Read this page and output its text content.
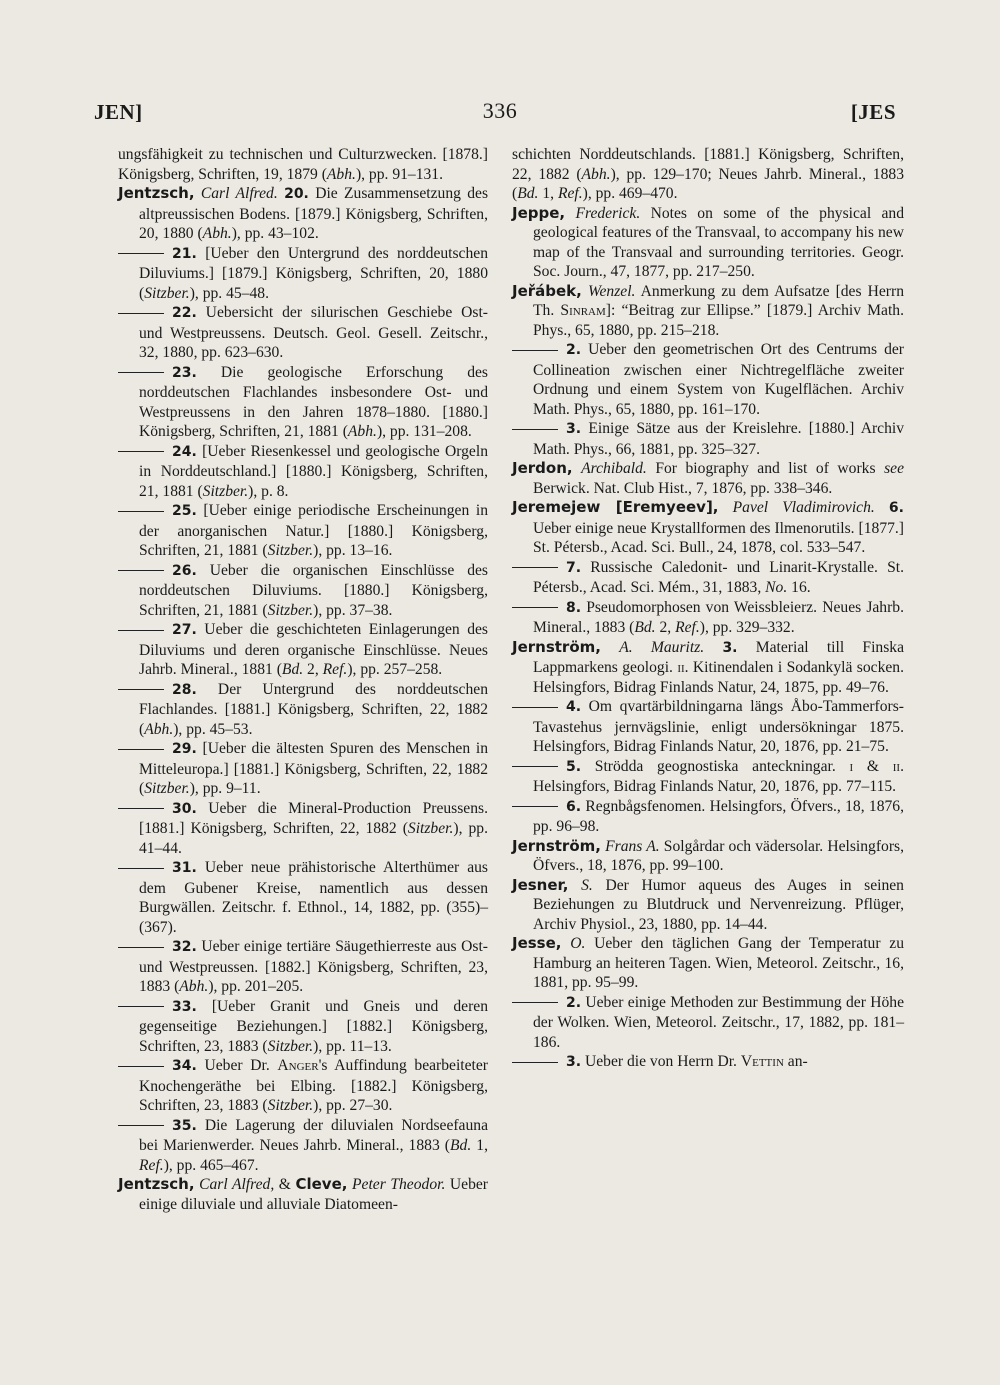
JEN]	336	[JES

ungsfähigkeit zu technischen und Culturzwecken. [1878.] Königsberg, Schriften, 19, 1879 (Abh.), pp. 91–131.

Jentzsch, Carl Alfred. 20. Die Zusammensetzung des altpreussischen Bodens. [1879.] Königsberg, Schriften, 20, 1880 (Abh.), pp. 43–102.

21. [Ueber den Untergrund des norddeutschen Diluviums.] [1879.] Königsberg, Schriften, 20, 1880 (Sitzber.), pp. 45–48.

22. Uebersicht der silurischen Geschiebe Ost- und Westpreussens. Deutsch. Geol. Gesell. Zeitschr., 32, 1880, pp. 623–630.

23. Die geologische Erforschung des norddeutschen Flachlandes insbesondere Ost- und Westpreussens in den Jahren 1878–1880. [1880.] Königsberg, Schriften, 21, 1881 (Abh.), pp. 131–208.

24. [Ueber Riesenkessel und geologische Orgeln in Norddeutschland.] [1880.] Königsberg, Schriften, 21, 1881 (Sitzber.), p. 8.

25. [Ueber einige periodische Erscheinungen in der anorganischen Natur.] [1880.] Königsberg, Schriften, 21, 1881 (Sitzber.), pp. 13–16.

26. Ueber die organischen Einschlüsse des norddeutschen Diluviums. [1880.] Königsberg, Schriften, 21, 1881 (Sitzber.), pp. 37–38.

27. Ueber die geschichteten Einlagerungen des Diluviums und deren organische Einschlüsse. Neues Jahrb. Mineral., 1881 (Bd. 2, Ref.), pp. 257–258.

28. Der Untergrund des norddeutschen Flachlandes. [1881.] Königsberg, Schriften, 22, 1882 (Abh.), pp. 45–53.

29. [Ueber die ältesten Spuren des Menschen in Mitteleuropa.] [1881.] Königsberg, Schriften, 22, 1882 (Sitzber.), pp. 9–11.

30. Ueber die Mineral-Production Preussens. [1881.] Königsberg, Schriften, 22, 1882 (Sitzber.), pp. 41–44.

31. Ueber neue prähistorische Alterthümer aus dem Gubener Kreise, namentlich aus dessen Burgwällen. Zeitschr. f. Ethnol., 14, 1882, pp. (355)–(367).

32. Ueber einige tertiäre Säugethierreste aus Ost- und Westpreussen. [1882.] Königsberg, Schriften, 23, 1883 (Abh.), pp. 201–205.

33. [Ueber Granit und Gneis und deren gegenseitige Beziehungen.] [1882.] Königsberg, Schriften, 23, 1883 (Sitzber.), pp. 11–13.

34. Ueber Dr. Anger's Auffindung bearbeiteter Knochengeräthe bei Elbing. [1882.] Königsberg, Schriften, 23, 1883 (Sitzber.), pp. 27–30.

35. Die Lagerung der diluvialen Nordseefauna bei Marienwerder. Neues Jahrb. Mineral., 1883 (Bd. 1, Ref.), pp. 465–467.

Jentzsch, Carl Alfred, & Cleve, Peter Theodor. Ueber einige diluviale und alluviale Diatomeen-

schichten Norddeutschlands. [1881.] Königsberg, Schriften, 22, 1882 (Abh.), pp. 129–170; Neues Jahrb. Mineral., 1883 (Bd. 1, Ref.), pp. 469–470.

Jeppe, Frederick. Notes on some of the physical and geological features of the Transvaal, to accompany his new map of the Transvaal and surrounding territories. Geogr. Soc. Journ., 47, 1877, pp. 217–250.

Jeřábek, Wenzel. Anmerkung zu dem Aufsatze [des Herrn Th. Sinram]: “Beitrag zur Ellipse.” [1879.] Archiv Math. Phys., 65, 1880, pp. 215–218.

2. Ueber den geometrischen Ort des Centrums der Collineation zwischen einer Nichtregelfläche zweiter Ordnung und einem System von Kugelflächen. Archiv Math. Phys., 65, 1880, pp. 161–170.

3. Einige Sätze aus der Kreislehre. [1880.] Archiv Math. Phys., 66, 1881, pp. 325–327.

Jerdon, Archibald. For biography and list of works see Berwick. Nat. Club Hist., 7, 1876, pp. 338–346.

Jeremejew [Eremyeev], Pavel Vladimirovich. 6. Ueber einige neue Krystallformen des Ilmenorutils. [1877.] St. Pétersb., Acad. Sci. Bull., 24, 1878, col. 533–547.

7. Russische Caledonit- und Linarit-Krystalle. St. Pétersb., Acad. Sci. Mém., 31, 1883, No. 16.

8. Pseudomorphosen von Weissbleierz. Neues Jahrb. Mineral., 1883 (Bd. 2, Ref.), pp. 329–332.

Jernström, A. Mauritz. 3. Material till Finska Lappmarkens geologi. ii. Kitinendalen i Sodankylä socken. Helsingfors, Bidrag Finlands Natur, 24, 1875, pp. 49–76.

4. Om qvartärbildningarna längs Åbo-Tammerfors-Tavastehus jernvägslinie, enligt undersökningar 1875. Helsingfors, Bidrag Finlands Natur, 20, 1876, pp. 21–75.

5. Strödda geognostiska anteckningar. i & ii. Helsingfors, Bidrag Finlands Natur, 20, 1876, pp. 77–115.

6. Regnbågsfenomen. Helsingfors, Öfvers., 18, 1876, pp. 96–98.

Jernström, Frans A. Solgårdar och vädersolar. Helsingfors, Öfvers., 18, 1876, pp. 99–100.

Jesner, S. Der Humor aqueus des Auges in seinen Beziehungen zu Blutdruck und Nervenreizung. Pflüger, Archiv Physiol., 23, 1880, pp. 14–44.

Jesse, O. Ueber den täglichen Gang der Temperatur zu Hamburg an heiteren Tagen. Wien, Meteorol. Zeitschr., 16, 1881, pp. 95–99.

2. Ueber einige Methoden zur Bestimmung der Höhe der Wolken. Wien, Meteorol. Zeitschr., 17, 1882, pp. 181–186.

3. Ueber die von Herrn Dr. Vettin an-
